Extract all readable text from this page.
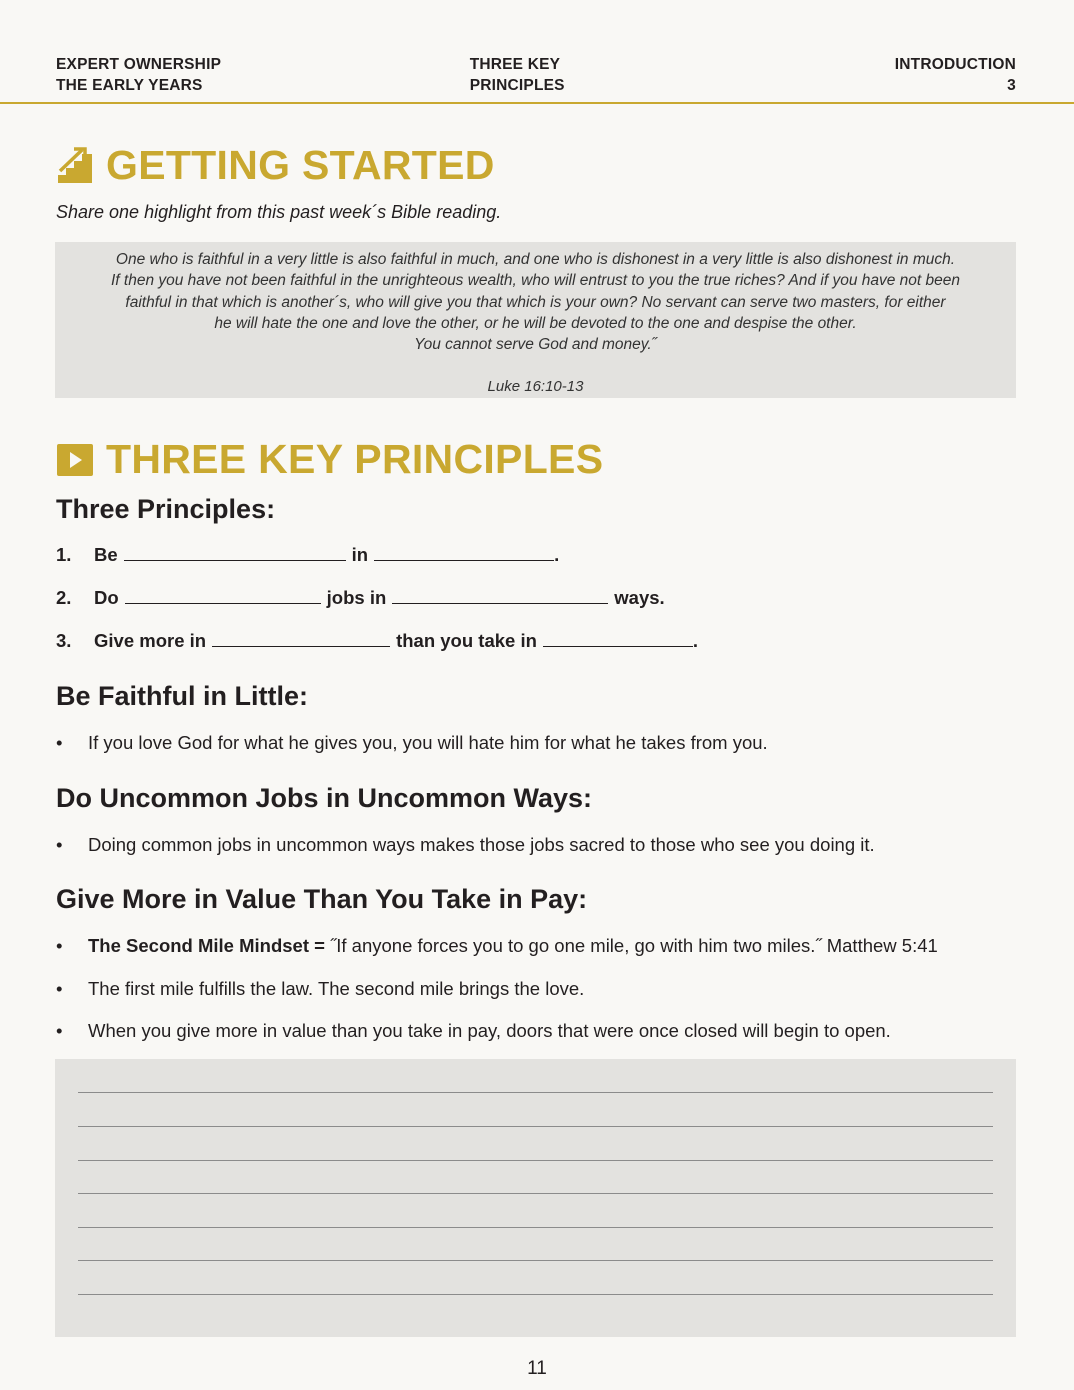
EXPERT OWNERSHIP
THE EARLY YEARS
THREE KEY
PRINCIPLES
INTRODUCTION
3
GETTING STARTED
Share one highlight from this past week´s Bible reading.
One who is faithful in a very little is also faithful in much, and one who is dishonest in a very little is also dishonest in much.
If then you have not been faithful in the unrighteous wealth, who will entrust to you the true riches? And if you have not been
faithful in that which is another´s, who will give you that which is your own? No servant can serve two masters, for either
he will hate the one and love the other, or he will be devoted to the one and despise the other.
You cannot serve God and money.˝
Luke 16:10-13
THREE KEY PRINCIPLES
Three Principles:
1.	Be	in	.
2.	Do	jobs in	ways.
3.	Give more in	than you take in	.
Be Faithful in Little:
•	If you love God for what he gives you, you will hate him for what he takes from you.
Do Uncommon Jobs in Uncommon Ways:
•	Doing common jobs in uncommon ways makes those jobs sacred to those who see you doing it.
Give More in Value Than You Take in Pay:
•	The Second Mile Mindset = ˝If anyone forces you to go one mile, go with him two miles.˝ Matthew 5:41
•	The first mile fulfills the law. The second mile brings the love.
•	When you give more in value than you take in pay, doors that were once closed will begin to open.
11
